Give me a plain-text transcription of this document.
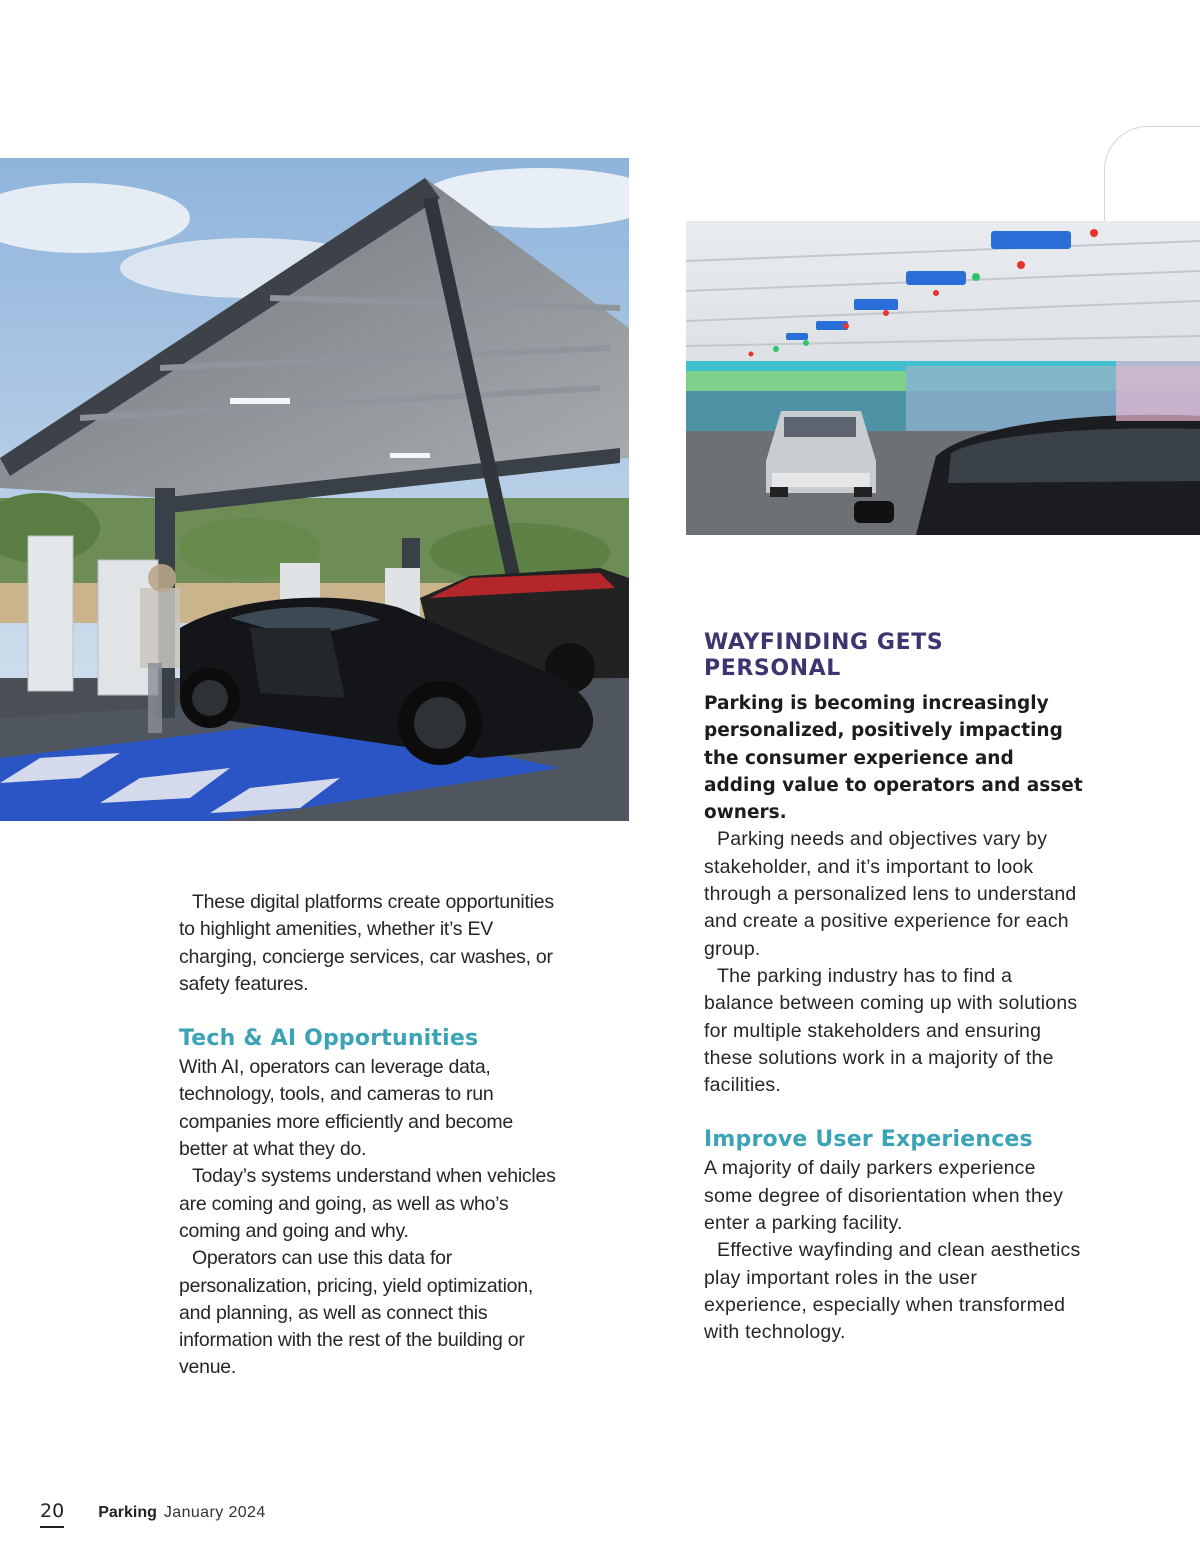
These digital platforms create opportunities to highlight amenities, whether it’s EV charging, concierge services, car washes, or safety features.

Tech & AI Opportunities

With AI, operators can leverage data, technology, tools, and cameras to run companies more efficiently and become better at what they do.

Today’s systems understand when vehicles are coming and going, as well as who’s coming and going and why.

Operators can use this data for personalization, pricing, yield optimization, and planning, as well as connect this information with the rest of the building or venue.

WAYFINDING GETS PERSONAL

Parking is becoming increasingly personalized, positively impacting the consumer experience and adding value to operators and asset owners.

Parking needs and objectives vary by stakeholder, and it’s important to look through a personalized lens to understand and create a positive experience for each group.

The parking industry has to find a balance between coming up with solutions for multiple stakeholders and ensuring these solutions work in a majority of the facilities.

Improve User Experiences

A majority of daily parkers experience some degree of disorientation when they enter a parking facility.

Effective wayfinding and clean aesthetics play important roles in the user experience, especially when transformed with technology.

20 Parking January 2024
